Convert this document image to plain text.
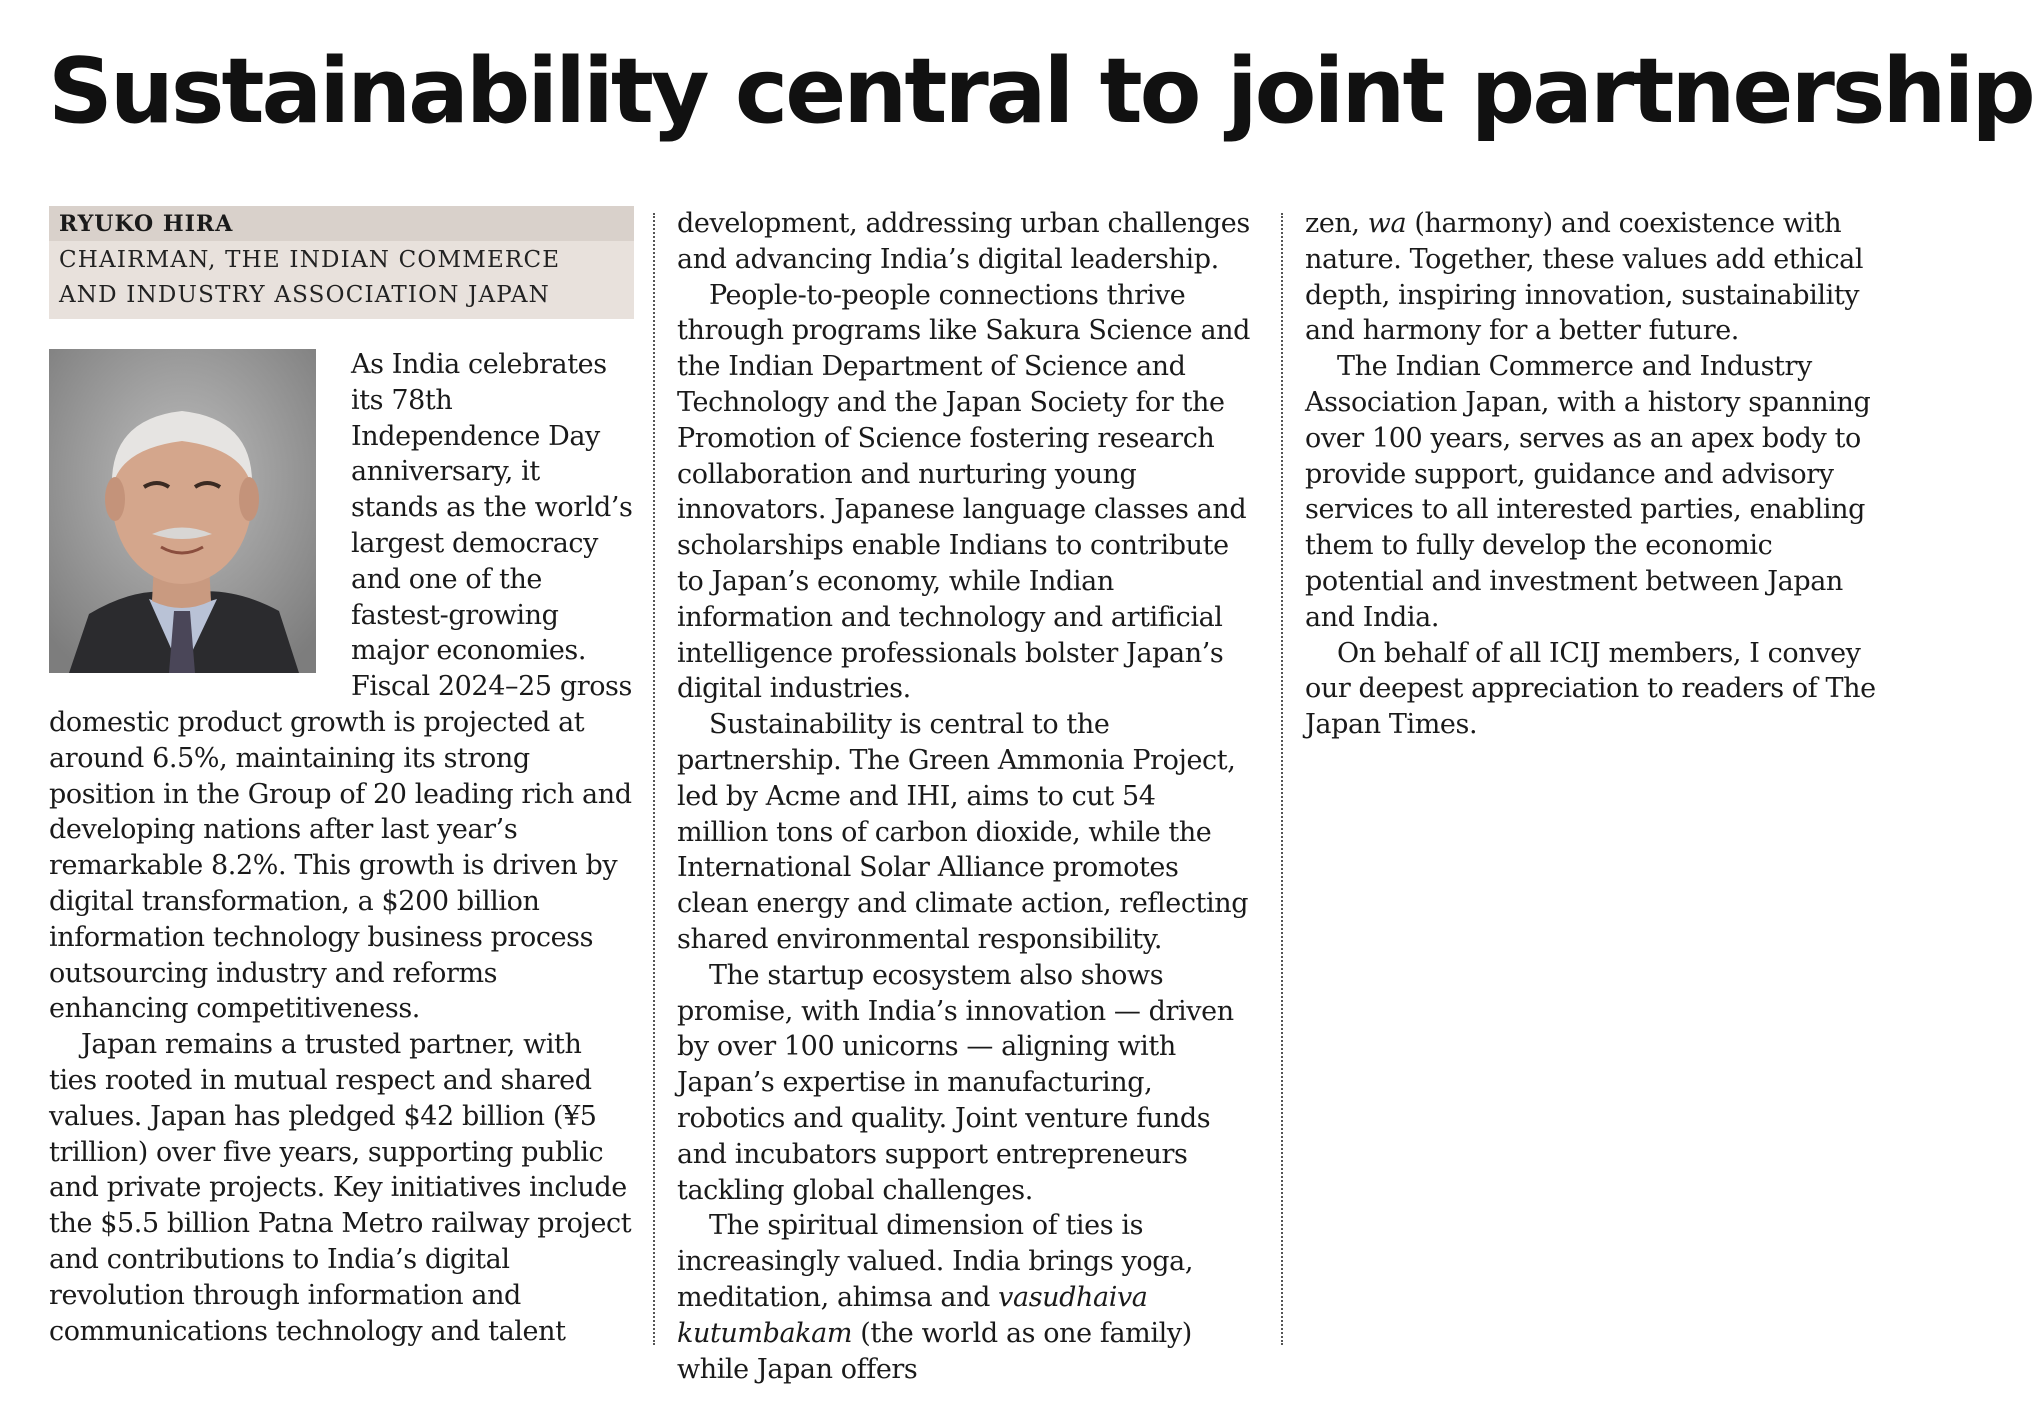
Sustainability central to joint partnership
RYUKO HIRA
CHAIRMAN, THE INDIAN COMMERCE AND INDUSTRY ASSOCIATION JAPAN

As India celebrates its 78th Independence Day anniversary, it stands as the world’s largest democracy and one of the fastest-growing major economies. Fiscal 2024–25 gross domestic product growth is projected at around 6.5%, maintaining its strong position in the Group of 20 leading rich and developing nations after last year’s remarkable 8.2%. This growth is driven by digital transformation, a $200 billion information technology business process outsourcing industry and reforms enhancing competitiveness.

Japan remains a trusted partner, with ties rooted in mutual respect and shared values. Japan has pledged $42 billion (¥5 trillion) over five years, supporting public and private projects. Key initiatives include the $5.5 billion Patna Metro railway project and contributions to India’s digital revolution through information and communications technology and talent

development, addressing urban challenges and advancing India’s digital leadership.

People-to-people connections thrive through programs like Sakura Science and the Indian Department of Science and Technology and the Japan Society for the Promotion of Science fostering research collaboration and nurturing young innovators. Japanese language classes and scholarships enable Indians to contribute to Japan’s economy, while Indian information and technology and artificial intelligence professionals bolster Japan’s digital industries.

Sustainability is central to the partnership. The Green Ammonia Project, led by Acme and IHI, aims to cut 54 million tons of carbon dioxide, while the International Solar Alliance promotes clean energy and climate action, reflecting shared environmental responsibility.

The startup ecosystem also shows promise, with India’s innovation — driven by over 100 unicorns — aligning with Japan’s expertise in manufacturing, robotics and quality. Joint venture funds and incubators support entrepreneurs tackling global challenges.

The spiritual dimension of ties is increasingly valued. India brings yoga, meditation, ahimsa and vasudhaiva kutumbakam (the world as one family) while Japan offers

zen, wa (harmony) and coexistence with nature. Together, these values add ethical depth, inspiring innovation, sustainability and harmony for a better future.

The Indian Commerce and Industry Association Japan, with a history spanning over 100 years, serves as an apex body to provide support, guidance and advisory services to all interested parties, enabling them to fully develop the economic potential and investment between Japan and India.

On behalf of all ICIJ members, I convey our deepest appreciation to readers of The Japan Times.
